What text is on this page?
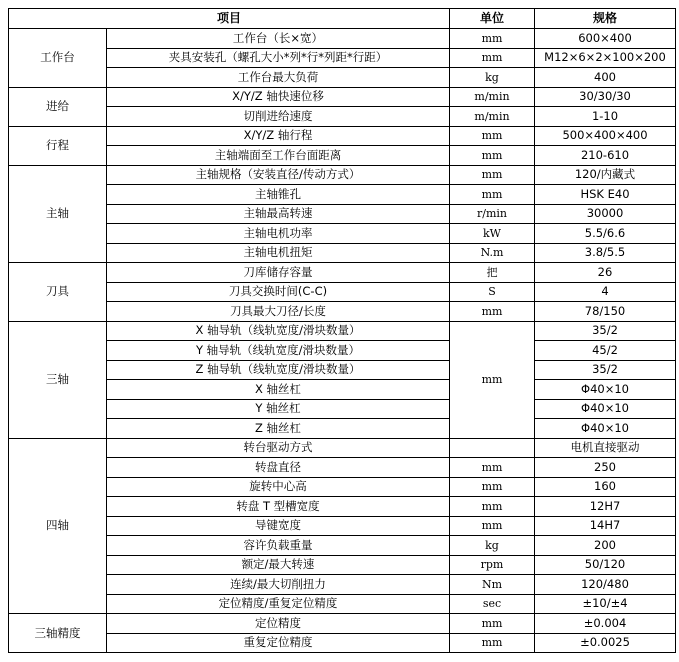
项目		单位	规格
工作台	工作台（长×宽）	mm	600×400
	夹具安装孔（螺孔大小*列*行*列距*行距）	mm	M12×6×2×100×200
	工作台最大负荷	kg	400
进给	X/Y/Z 轴快速位移	m/min	30/30/30
	切削进给速度	m/min	1-10
行程	X/Y/Z 轴行程	mm	500×400×400
	主轴端面至工作台面距离	mm	210-610
主轴	主轴规格（安装直径/传动方式）	mm	120/内藏式
	主轴锥孔	mm	HSK E40
	主轴最高转速	r/min	30000
	主轴电机功率	kW	5.5/6.6
	主轴电机扭矩	N.m	3.8/5.5
刀具	刀库储存容量	把	26
	刀具交换时间(C-C)	S	4
	刀具最大刀径/长度	mm	78/150
三轴	X 轴导轨（线轨宽度/滑块数量）	mm	35/2
	Y 轴导轨（线轨宽度/滑块数量）		45/2
	Z 轴导轨（线轨宽度/滑块数量）		35/2
	X 轴丝杠		Φ40×10
	Y 轴丝杠		Φ40×10
	Z 轴丝杠		Φ40×10
四轴	转台驱动方式		电机直接驱动
	转盘直径	mm	250
	旋转中心高	mm	160
	转盘 T 型槽宽度	mm	12H7
	导键宽度	mm	14H7
	容许负载重量	kg	200
	额定/最大转速	rpm	50/120
	连续/最大切削扭力	Nm	120/480
	定位精度/重复定位精度	sec	±10/±4
三轴精度	定位精度	mm	±0.004
	重复定位精度	mm	±0.0025
